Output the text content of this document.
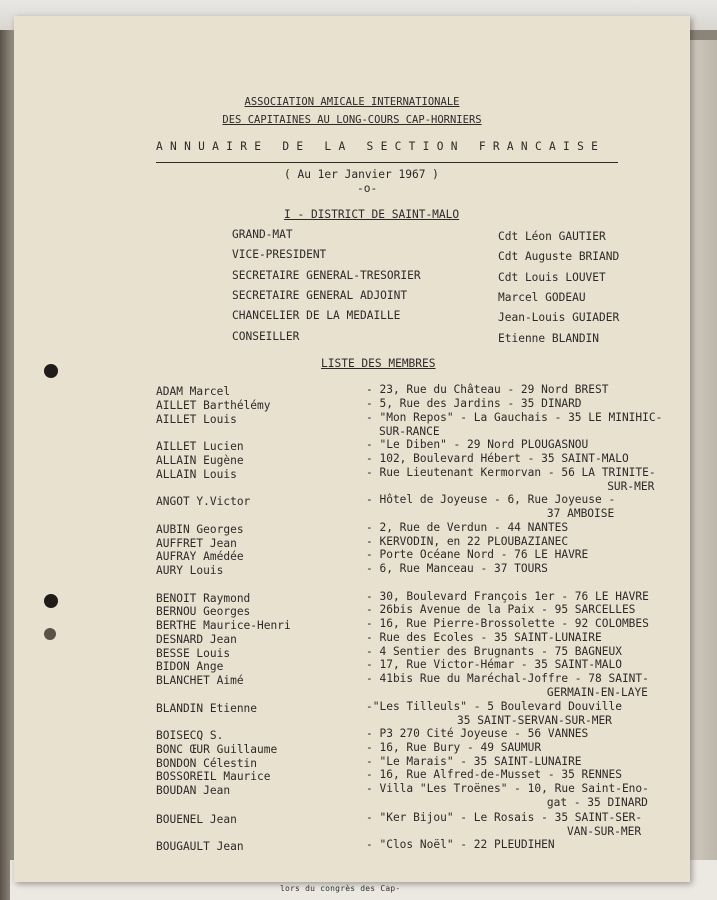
lors du congrès des Cap-
ASSOCIATION AMICALE INTERNATIONALE
DES CAPITAINES AU LONG-COURS CAP-HORNIERS
ANNUAIRE DE LA SECTION FRANCAISE
( Au 1er Janvier 1967 )
-o-
I - DISTRICT DE SAINT-MALO
GRAND-MAT	Cdt Léon GAUTIER
VICE-PRESIDENT	Cdt Auguste BRIAND
SECRETAIRE GENERAL-TRESORIER	Cdt Louis LOUVET
SECRETAIRE GENERAL ADJOINT	Marcel GODEAU
CHANCELIER DE LA MEDAILLE	Jean-Louis GUIADER
CONSEILLER	Etienne BLANDIN
LISTE DES MEMBRES
ADAM Marcel	- 23, Rue du Château - 29 Nord BREST
AILLET Barthélémy	- 5, Rue des Jardins - 35 DINARD
AILLET Louis	- "Mon Repos" - La Gauchais - 35 LE MINIHIC-
SUR-RANCE
AILLET Lucien	- "Le Diben" - 29 Nord PLOUGASNOU
ALLAIN Eugène	- 102, Boulevard Hébert - 35 SAINT-MALO
ALLAIN Louis	- Rue Lieutenant Kermorvan - 56 LA TRINITE-
SUR-MER
ANGOT Y.Victor	- Hôtel de Joyeuse - 6, Rue Joyeuse -
37 AMBOISE
AUBIN Georges	- 2, Rue de Verdun - 44 NANTES
AUFFRET Jean	- KERVODIN, en 22 PLOUBAZIANEC
AUFRAY Amédée	- Porte Océane Nord - 76 LE HAVRE
AURY Louis	- 6, Rue Manceau - 37 TOURS
BENOIT Raymond	- 30, Boulevard François 1er - 76 LE HAVRE
BERNOU Georges	- 26bis Avenue de la Paix - 95 SARCELLES
BERTHE Maurice-Henri	- 16, Rue Pierre-Brossolette - 92 COLOMBES
DESNARD Jean	- Rue des Ecoles - 35 SAINT-LUNAIRE
BESSE Louis	- 4 Sentier des Brugnants - 75 BAGNEUX
BIDON Ange	- 17, Rue Victor-Hémar - 35 SAINT-MALO
BLANCHET Aimé	- 41bis Rue du Maréchal-Joffre - 78 SAINT-
GERMAIN-EN-LAYE
BLANDIN Etienne	-"Les Tilleuls" - 5 Boulevard Douville
35 SAINT-SERVAN-SUR-MER
BOISECQ S.	- P3 270 Cité Joyeuse - 56 VANNES
BONC ŒUR Guillaume	- 16, Rue Bury - 49 SAUMUR
BONDON Célestin	- "Le Marais" - 35 SAINT-LUNAIRE
BOSSOREIL Maurice	- 16, Rue Alfred-de-Musset - 35 RENNES
BOUDAN Jean	- Villa "Les Troënes" - 10, Rue Saint-Eno-
gat - 35 DINARD
BOUENEL Jean	- "Ker Bijou" - Le Rosais - 35 SAINT-SER-
VAN-SUR-MER
BOUGAULT Jean	- "Clos Noël" - 22 PLEUDIHEN
